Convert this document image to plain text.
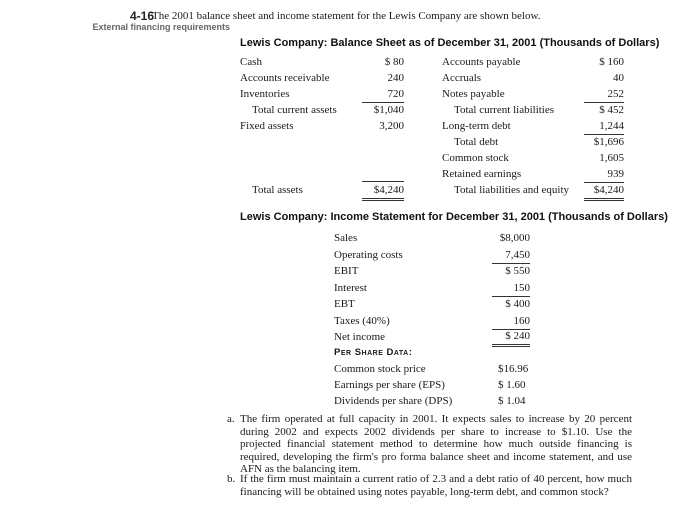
4-16
External financing requirements
The 2001 balance sheet and income statement for the Lewis Company are shown below.
Lewis Company: Balance Sheet as of December 31, 2001 (Thousands of Dollars)
Cash
Accounts receivable
Inventories
Total current assets
Fixed assets
Total assets
$ 80
240
720
$1,040
3,200
$4,240
Accounts payable
Accruals
Notes payable
Total current liabilities
Long-term debt
Total debt
Common stock
Retained earnings
Total liabilities and equity
$ 160
40
252
$ 452
1,244
$1,696
1,605
939
$4,240
Lewis Company: Income Statement for December 31, 2001 (Thousands of Dollars)
Sales
Operating costs
EBIT
Interest
EBT
Taxes (40%)
Net income
$8,000
7,450
$ 550
150
$ 400
160
$ 240
Per Share Data:
Common stock price
Earnings per share (EPS)
Dividends per share (DPS)
$16.96
$ 1.60
$ 1.04
a. The firm operated at full capacity in 2001. It expects sales to increase by 20 percent during 2002 and expects 2002 dividends per share to increase to $1.10. Use the projected financial statement method to determine how much outside financing is required, developing the firm's pro forma balance sheet and income statement, and use AFN as the balancing item.
b. If the firm must maintain a current ratio of 2.3 and a debt ratio of 40 percent, how much financing will be obtained using notes payable, long-term debt, and common stock?
